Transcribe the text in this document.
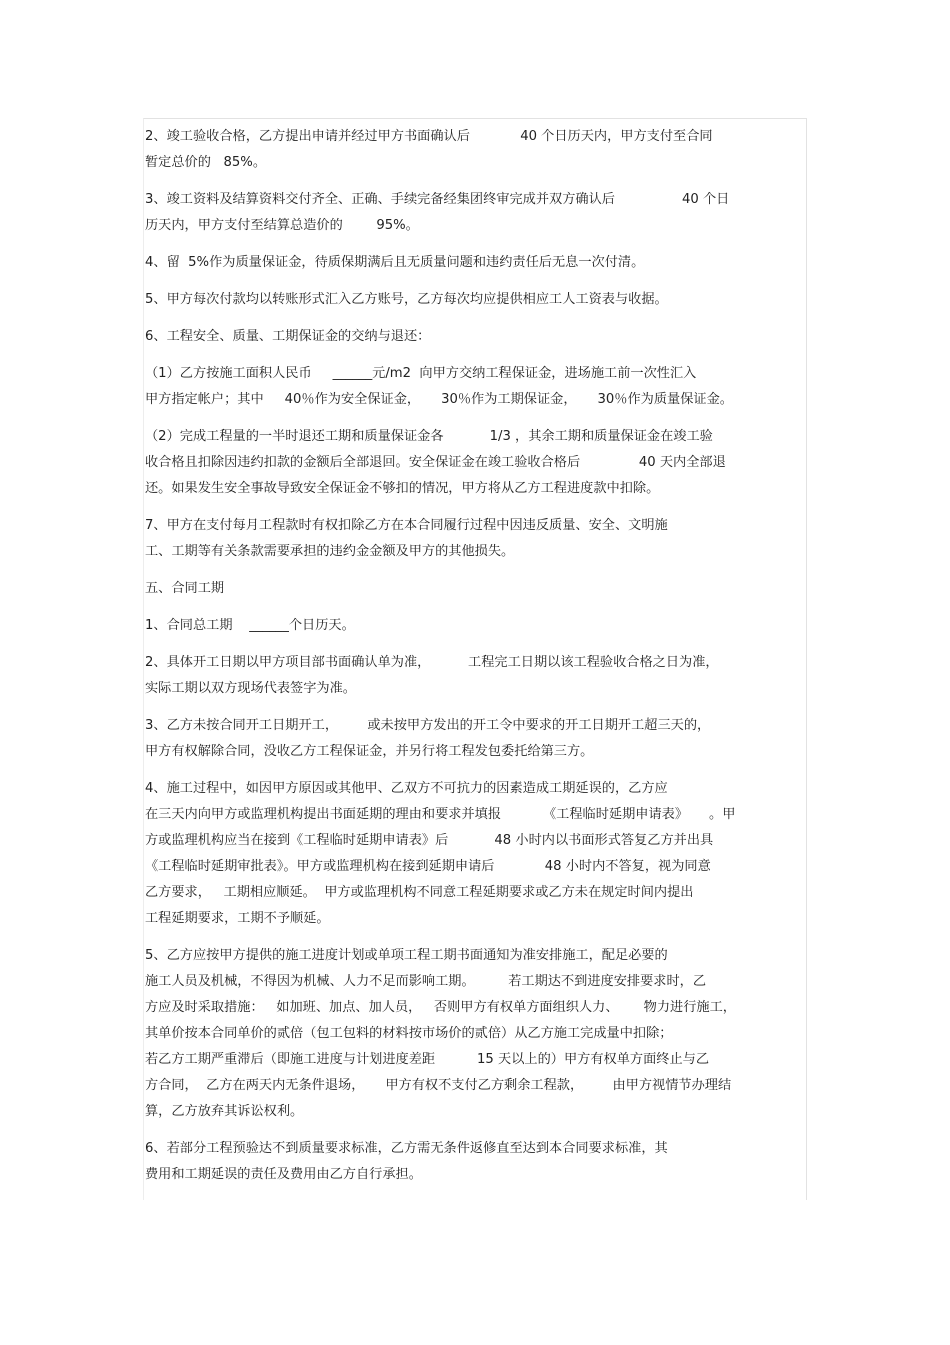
2、竣工验收合格，乙方提出申请并经过甲方书面确认后            40 个日历天内，甲方支付至合同
暂定总价的   85%。

3、竣工资料及结算资料交付齐全、正确、手续完备经集团终审完成并双方确认后                40 个日
历天内，甲方支付至结算总造价的        95%。

4、留  5%作为质量保证金，待质保期满后且无质量问题和违约责任后无息一次付清。

5、甲方每次付款均以转账形式汇入乙方账号，乙方每次均应提供相应工人工资表与收据。

6、工程安全、质量、工期保证金的交纳与退还：

（1）乙方按施工面积人民币     ______元/m2  向甲方交纳工程保证金，进场施工前一次性汇入
甲方指定帐户；其中     40％作为安全保证金，     30％作为工期保证金，     30％作为质量保证金。

（2）完成工程量的一半时退还工期和质量保证金各           1/3 ，其余工期和质量保证金在竣工验
收合格且扣除因违约扣款的金额后全部退回。安全保证金在竣工验收合格后              40 天内全部退
还。如果发生安全事故导致安全保证金不够扣的情况，甲方将从乙方工程进度款中扣除。

7、甲方在支付每月工程款时有权扣除乙方在本合同履行过程中因违反质量、安全、文明施
工、工期等有关条款需要承担的违约金金额及甲方的其他损失。

五、合同工期

1、合同总工期    ______个日历天。

2、具体开工日期以甲方项目部书面确认单为准，         工程完工日期以该工程验收合格之日为准，
实际工期以双方现场代表签字为准。

3、乙方未按合同开工日期开工，       或未按甲方发出的开工令中要求的开工日期开工超三天的，
甲方有权解除合同，没收乙方工程保证金，并另行将工程发包委托给第三方。

4、施工过程中，如因甲方原因或其他甲、乙双方不可抗力的因素造成工期延误的，乙方应
在三天内向甲方或监理机构提出书面延期的理由和要求并填报          《工程临时延期申请表》     。甲
方或监理机构应当在接到《工程临时延期申请表》后           48 小时内以书面形式答复乙方并出具
《工程临时延期审批表》。甲方或监理机构在接到延期申请后            48 小时内不答复，视为同意
乙方要求，   工期相应顺延。  甲方或监理机构不同意工程延期要求或乙方未在规定时间内提出
工程延期要求，工期不予顺延。

5、乙方应按甲方提供的施工进度计划或单项工程工期书面通知为准安排施工，配足必要的
施工人员及机械，不得因为机械、人力不足而影响工期。        若工期达不到进度安排要求时，乙
方应及时采取措施：   如加班、加点、加人员，   否则甲方有权单方面组织人力、      物力进行施工，
其单价按本合同单价的贰倍（包工包料的材料按市场价的贰倍）从乙方施工完成量中扣除；
若乙方工期严重滞后（即施工进度与计划进度差距          15 天以上的）甲方有权单方面终止与乙
方合同，  乙方在两天内无条件退场，     甲方有权不支付乙方剩余工程款，       由甲方视情节办理结
算，乙方放弃其诉讼权利。

6、若部分工程预验达不到质量要求标准，乙方需无条件返修直至达到本合同要求标准，其
费用和工期延误的责任及费用由乙方自行承担。
